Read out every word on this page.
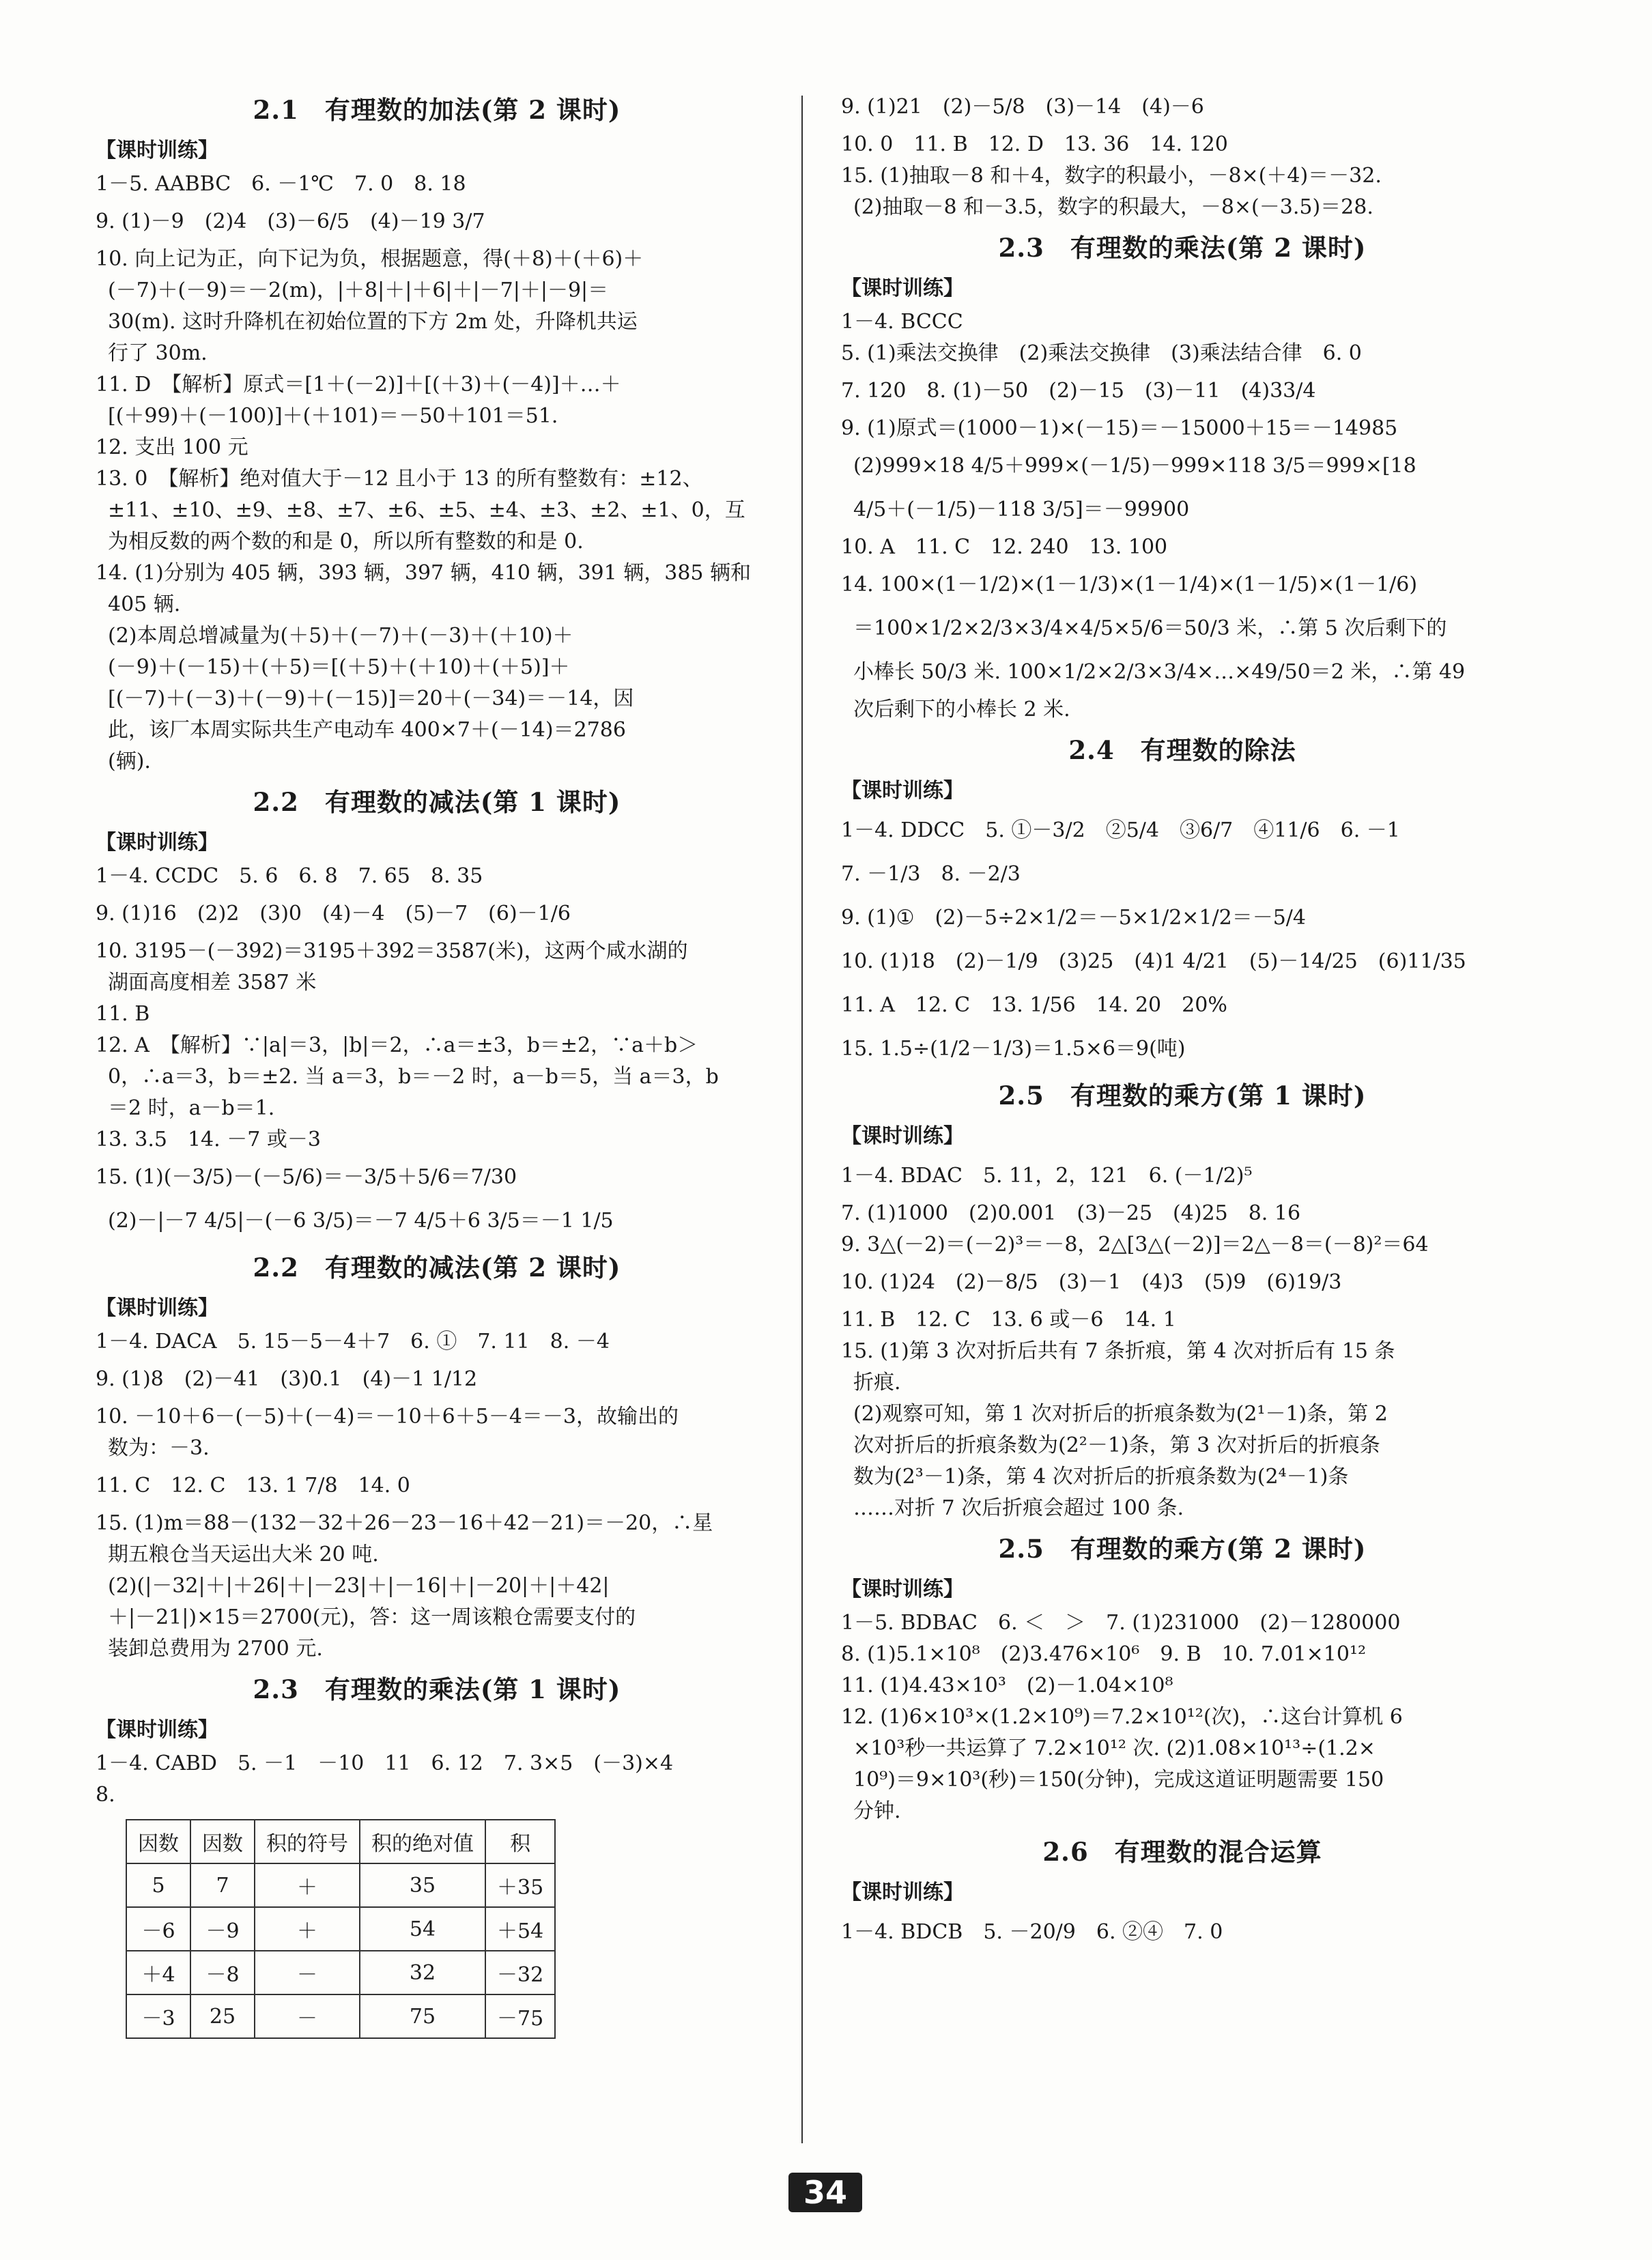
2.1　有理数的加法(第 2 课时)
【课时训练】
1－5. AABBC　6. －1℃　7. 0　8. 18
9. (1)－9　(2)4　(3)－6/5　(4)－19 3/7
10. 向上记为正，向下记为负，根据题意，得(＋8)＋(＋6)＋
(－7)＋(－9)＝－2(m)，|＋8|＋|＋6|＋|－7|＋|－9|＝
30(m). 这时升降机在初始位置的下方 2m 处，升降机共运
行了 30m.
11. D　【解析】原式＝[1＋(－2)]＋[(＋3)＋(－4)]＋…＋
[(＋99)＋(－100)]＋(＋101)＝－50＋101＝51.
12. 支出 100 元
13. 0　【解析】绝对值大于－12 且小于 13 的所有整数有：±12、
±11、±10、±9、±8、±7、±6、±5、±4、±3、±2、±1、0，互
为相反数的两个数的和是 0，所以所有整数的和是 0.
14. (1)分别为 405 辆，393 辆，397 辆，410 辆，391 辆，385 辆和
405 辆.
(2)本周总增减量为(＋5)＋(－7)＋(－3)＋(＋10)＋
(－9)＋(－15)＋(＋5)＝[(＋5)＋(＋10)＋(＋5)]＋
[(－7)＋(－3)＋(－9)＋(－15)]＝20＋(－34)＝－14，因
此，该厂本周实际共生产电动车 400×7＋(－14)＝2786
(辆).
2.2　有理数的减法(第 1 课时)
【课时训练】
1－4. CCDC　5. 6　6. 8　7. 65　8. 35
9. (1)16　(2)2　(3)0　(4)－4　(5)－7　(6)－1/6
10. 3195－(－392)＝3195＋392＝3587(米)，这两个咸水湖的
湖面高度相差 3587 米
11. B
12. A　【解析】∵|a|＝3，|b|＝2，∴a＝±3，b＝±2，∵a＋b＞
0，∴a＝3，b＝±2. 当 a＝3，b＝－2 时，a－b＝5，当 a＝3，b
＝2 时，a－b＝1.
13. 3.5　14. －7 或－3
15. (1)(－3/5)－(－5/6)＝－3/5＋5/6＝7/30
(2)－|－7 4/5|－(－6 3/5)＝－7 4/5＋6 3/5＝－1 1/5
2.2　有理数的减法(第 2 课时)
【课时训练】
1－4. DACA　5. 15－5－4＋7　6. ①　7. 11　8. －4
9. (1)8　(2)－41　(3)0.1　(4)－1 1/12
10. －10＋6－(－5)＋(－4)＝－10＋6＋5－4＝－3，故输出的
数为：－3.
11. C　12. C　13. 1 7/8　14. 0
15. (1)m＝88－(132－32＋26－23－16＋42－21)＝－20，∴星
期五粮仓当天运出大米 20 吨.
(2)(|－32|＋|＋26|＋|－23|＋|－16|＋|－20|＋|＋42|
＋|－21|)×15＝2700(元)，答：这一周该粮仓需要支付的
装卸总费用为 2700 元.
2.3　有理数的乘法(第 1 课时)
【课时训练】
1－4. CABD　5. －1　－10　11　6. 12　7. 3×5　(－3)×4
8.
因数	因数	积的符号	积的绝对值	积
5	7	＋	35	＋35
－6	－9	＋	54	＋54
＋4	－8	－	32	－32
－3	25	－	75	－75
9. (1)21　(2)－5/8　(3)－14　(4)－6
10. 0　11. B　12. D　13. 36　14. 120
15. (1)抽取－8 和＋4，数字的积最小，－8×(＋4)＝－32.
(2)抽取－8 和－3.5，数字的积最大，－8×(－3.5)＝28.
2.3　有理数的乘法(第 2 课时)
【课时训练】
1－4. BCCC
5. (1)乘法交换律　(2)乘法交换律　(3)乘法结合律　6. 0
7. 120　8. (1)－50　(2)－15　(3)－11　(4)33/4
9. (1)原式＝(1000－1)×(－15)＝－15000＋15＝－14985
(2)999×18 4/5＋999×(－1/5)－999×118 3/5＝999×[18
4/5＋(－1/5)－118 3/5]＝－99900
10. A　11. C　12. 240　13. 100
14. 100×(1－1/2)×(1－1/3)×(1－1/4)×(1－1/5)×(1－1/6)
＝100×1/2×2/3×3/4×4/5×5/6＝50/3 米，∴第 5 次后剩下的
小棒长 50/3 米. 100×1/2×2/3×3/4×…×49/50＝2 米，∴第 49
次后剩下的小棒长 2 米.
2.4　有理数的除法
【课时训练】
1－4. DDCC　5. ①－3/2　②5/4　③6/7　④11/6　6. －1
7. －1/3　8. －2/3
9. (1)①　(2)－5÷2×1/2＝－5×1/2×1/2＝－5/4
10. (1)18　(2)－1/9　(3)25　(4)1 4/21　(5)－14/25　(6)11/35
11. A　12. C　13. 1/56　14. 20　20%
15. 1.5÷(1/2－1/3)＝1.5×6＝9(吨)
2.5　有理数的乘方(第 1 课时)
【课时训练】
1－4. BDAC　5. 11，2，121　6. (－1/2)⁵
7. (1)1000　(2)0.001　(3)－25　(4)25　8. 16
9. 3△(－2)＝(－2)³＝－8，2△[3△(－2)]＝2△－8＝(－8)²＝64
10. (1)24　(2)－8/5　(3)－1　(4)3　(5)9　(6)19/3
11. B　12. C　13. 6 或－6　14. 1
15. (1)第 3 次对折后共有 7 条折痕，第 4 次对折后有 15 条
折痕.
(2)观察可知，第 1 次对折后的折痕条数为(2¹－1)条，第 2
次对折后的折痕条数为(2²－1)条，第 3 次对折后的折痕条
数为(2³－1)条，第 4 次对折后的折痕条数为(2⁴－1)条
……对折 7 次后折痕会超过 100 条.
2.5　有理数的乘方(第 2 课时)
【课时训练】
1－5. BDBAC　6. ＜　＞　7. (1)231000　(2)－1280000
8. (1)5.1×10⁸　(2)3.476×10⁶　9. B　10. 7.01×10¹²
11. (1)4.43×10³　(2)－1.04×10⁸
12. (1)6×10³×(1.2×10⁹)＝7.2×10¹²(次)，∴这台计算机 6
×10³秒一共运算了 7.2×10¹² 次. (2)1.08×10¹³÷(1.2×
10⁹)＝9×10³(秒)＝150(分钟)，完成这道证明题需要 150
分钟.
2.6　有理数的混合运算
【课时训练】
1－4. BDCB　5. －20/9　6. ②④　7. 0
34
